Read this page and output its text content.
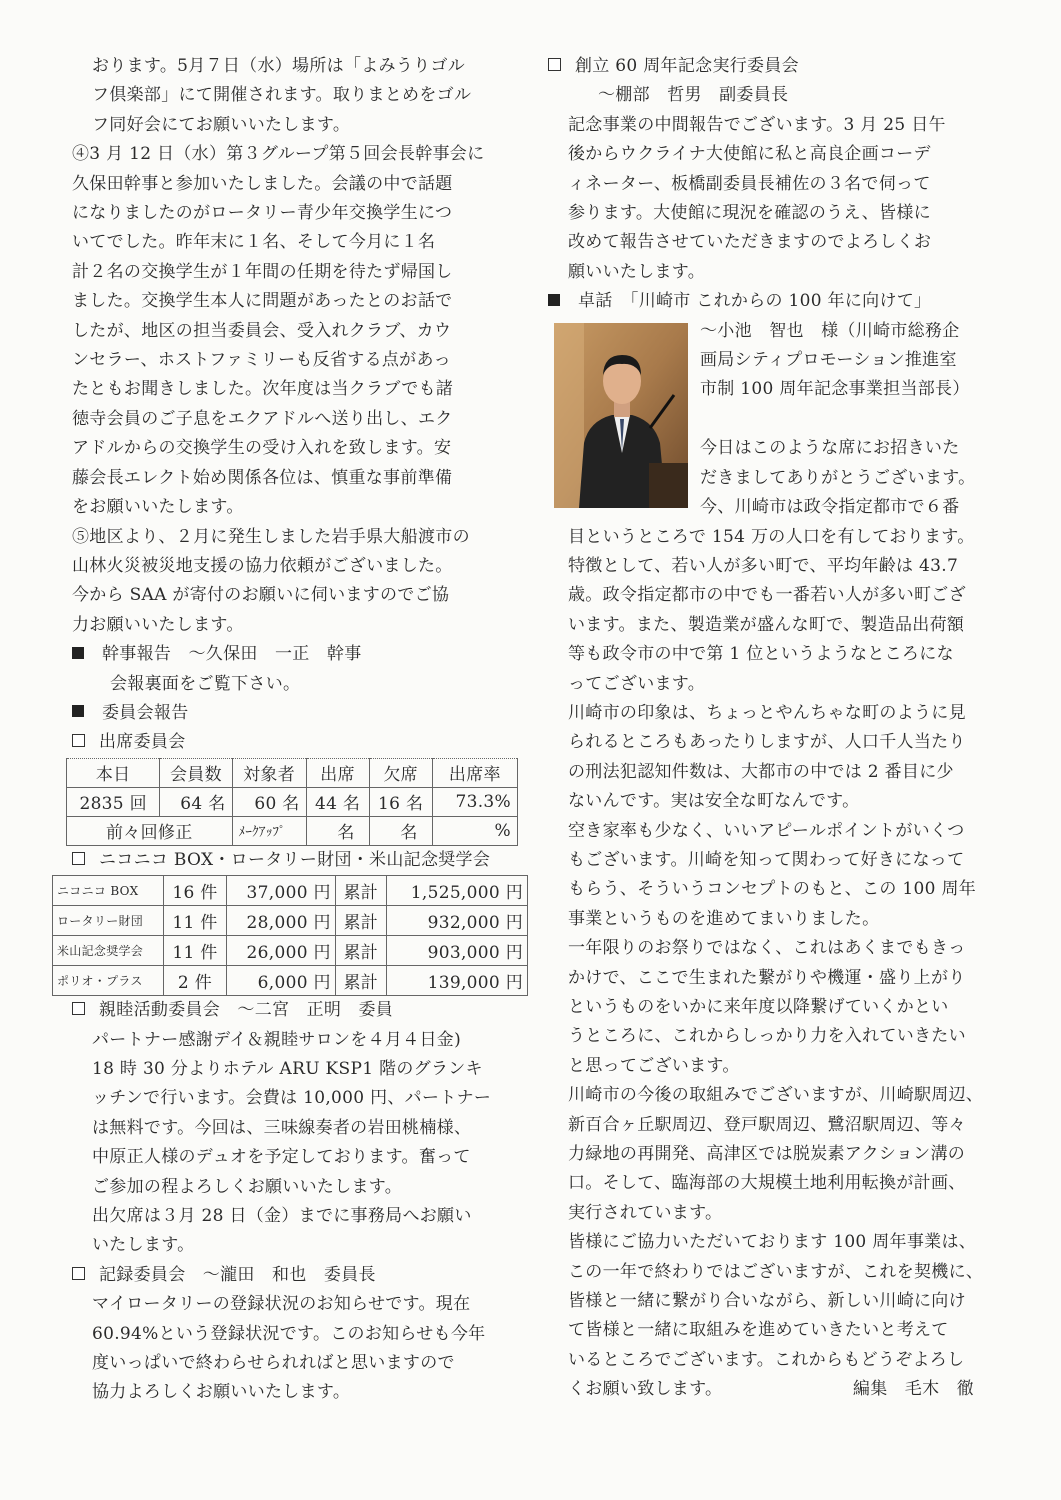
おります。5月７日（水）場所は「よみうりゴル
フ倶楽部」にて開催されます。取りまとめをゴル
フ同好会にてお願いいたします。
④3 月 12 日（水）第３グループ第５回会長幹事会に
久保田幹事と参加いたしました。会議の中で話題
になりましたのがロータリー青少年交換学生につ
いてでした。昨年末に１名、そして今月に１名
計２名の交換学生が１年間の任期を待たず帰国し
ました。交換学生本人に問題があったとのお話で
したが、地区の担当委員会、受入れクラブ、カウ
ンセラー、ホストファミリーも反省する点があっ
たともお聞きしました。次年度は当クラブでも諸
徳寺会員のご子息をエクアドルへ送り出し、エク
アドルからの交換学生の受け入れを致します。安
藤会長エレクト始め関係各位は、慎重な事前準備
をお願いいたします。
⑤地区より、２月に発生しました岩手県大船渡市の
山林火災被災地支援の協力依頼がございました。
今から SAA が寄付のお願いに伺いますのでご協
力お願いいたします。
幹事報告　～久保田　一正　幹事
会報裏面をご覧下さい。
委員会報告
出席委員会
本日	会員数	対象者	出席	欠席	出席率
2835 回	64 名	60 名	44 名	16 名	73.3%
前々回修正		ﾒｰｸｱｯﾌﾟ	名	名	%
ニコニコ BOX・ロータリー財団・米山記念奨学会
ニコニコ BOX	16 件	37,000 円	累計	1,525,000 円
ロータリー財団	11 件	28,000 円	累計	932,000 円
米山記念奨学会	11 件	26,000 円	累計	903,000 円
ポリオ・プラス	2 件	6,000 円	累計	139,000 円
親睦活動委員会　～二宮　正明　委員
パートナー感謝デイ＆親睦サロンを４月４日金)
18 時 30 分よりホテル ARU KSP1 階のグランキ
ッチンで行います。会費は 10,000 円、パートナー
は無料です。今回は、三味線奏者の岩田桃楠様、
中原正人様のデュオを予定しております。奮って
ご参加の程よろしくお願いいたします。
出欠席は３月 28 日（金）までに事務局へお願い
いたします。
記録委員会　～瀧田　和也　委員長
マイロータリーの登録状況のお知らせです。現在
60.94%という登録状況です。このお知らせも今年
度いっぱいで終わらせられればと思いますので
協力よろしくお願いいたします。
創立 60 周年記念実行委員会
～棚部　哲男　副委員長
記念事業の中間報告でございます。3 月 25 日午
後からウクライナ大使館に私と高良企画コーデ
ィネーター、板橋副委員長補佐の３名で伺って
参ります。大使館に現況を確認のうえ、皆様に
改めて報告させていただきますのでよろしくお
願いいたします。
卓話　「川崎市 これからの 100 年に向けて」
～小池　智也　様（川崎市総務企
画局シティプロモーション推進室
市制 100 周年記念事業担当部長）

今日はこのような席にお招きいた
だきましてありがとうございます。
今、川崎市は政令指定都市で６番
目というところで 154 万の人口を有しております。
特徴として、若い人が多い町で、平均年齢は 43.7
歳。政令指定都市の中でも一番若い人が多い町ござ
います。また、製造業が盛んな町で、製造品出荷額
等も政令市の中で第 1 位というようなところにな
ってございます。
川崎市の印象は、ちょっとやんちゃな町のように見
られるところもあったりしますが、人口千人当たり
の刑法犯認知件数は、大都市の中では 2 番目に少
ないんです。実は安全な町なんです。
空き家率も少なく、いいアピールポイントがいくつ
もございます。川崎を知って関わって好きになって
もらう、そういうコンセプトのもと、この 100 周年
事業というものを進めてまいりました。
一年限りのお祭りではなく、これはあくまでもきっ
かけで、ここで生まれた繋がりや機運・盛り上がり
というものをいかに来年度以降繋げていくかとい
うところに、これからしっかり力を入れていきたい
と思ってございます。
川崎市の今後の取組みでございますが、川崎駅周辺、
新百合ヶ丘駅周辺、登戸駅周辺、鷺沼駅周辺、等々
力緑地の再開発、高津区では脱炭素アクション溝の
口。そして、臨海部の大規模土地利用転換が計画、
実行されています。
皆様にご協力いただいております 100 周年事業は、
この一年で終わりではございますが、これを契機に、
皆様と一緒に繋がり合いながら、新しい川崎に向け
て皆様と一緒に取組みを進めていきたいと考えて
いるところでございます。これからもどうぞよろし
くお願い致します。	編集　毛木　徹
